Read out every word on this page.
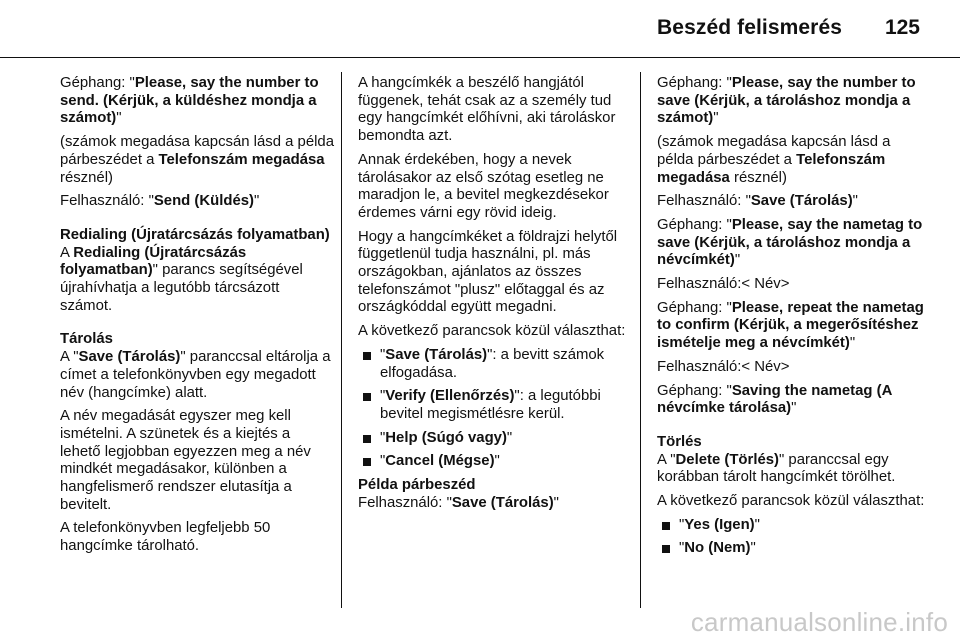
Beszéd felismerés 125

Géphang: "Please, say the number to send. (Kérjük, a küldéshez mondja a számot)"

(számok megadása kapcsán lásd a példa párbeszédet a Telefonszám megadása résznél)

Felhasználó: "Send (Küldés)"

Redialing (Újratárcsázás folyamatban)

A Redialing (Újratárcsázás folyamatban)" parancs segítségével újrahívhatja a legutóbb tárcsázott számot.

Tárolás

A "Save (Tárolás)" paranccsal eltárolja a címet a telefonkönyvben egy megadott név (hangcímke) alatt.

A név megadását egyszer meg kell ismételni. A szünetek és a kiejtés a lehető legjobban egyezzen meg a név mindkét megadásakor, különben a hangfelismerő rendszer elutasítja a bevitelt.

A telefonkönyvben legfeljebb 50 hangcímke tárolható.

A hangcímkék a beszélő hangjától függenek, tehát csak az a személy tud egy hangcímkét előhívni, aki tároláskor bemondta azt.

Annak érdekében, hogy a nevek tárolásakor az első szótag esetleg ne maradjon le, a bevitel megkezdésekor érdemes várni egy rövid ideig.

Hogy a hangcímkéket a földrajzi helytől függetlenül tudja használni, pl. más országokban, ajánlatos az összes telefonszámot "plusz" előtaggal és az országkóddal együtt megadni.

A következő parancsok közül választhat:

"Save (Tárolás)": a bevitt számok elfogadása.
"Verify (Ellenőrzés)": a legutóbbi bevitel megismétlésre kerül.
"Help (Súgó vagy)"
"Cancel (Mégse)"
Példa párbeszéd

Felhasználó: "Save (Tárolás)"

Géphang: "Please, say the number to save (Kérjük, a tároláshoz mondja a számot)"

(számok megadása kapcsán lásd a példa párbeszédet a Telefonszám megadása résznél)

Felhasználó: "Save (Tárolás)"

Géphang: "Please, say the nametag to save (Kérjük, a tároláshoz mondja a névcímkét)"

Felhasználó:< Név>

Géphang: "Please, repeat the nametag to confirm (Kérjük, a megerősítéshez ismételje meg a névcímkét)"

Felhasználó:< Név>

Géphang: "Saving the nametag (A névcímke tárolása)"

Törlés

A "Delete (Törlés)" paranccsal egy korábban tárolt hangcímkét törölhet.

A következő parancsok közül választhat:

"Yes (Igen)"
"No (Nem)"
carmanualsonline.info
